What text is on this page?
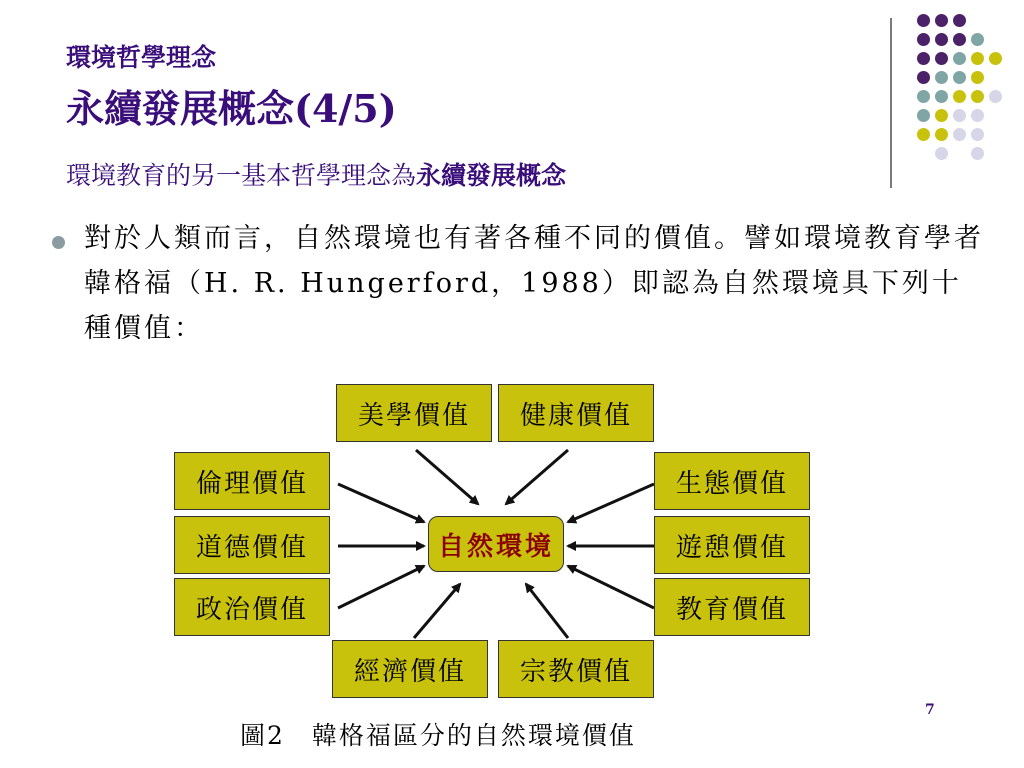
環境哲學理念
永續發展概念(4/5)
環境教育的另一基本哲學理念為永續發展概念
對於人類而言，自然環境也有著各種不同的價值。譬如環境教育學者韓格福（H. R. Hungerford，1988）即認為自然環境具下列十種價值：
美學價值	健康價值
倫理價值	生態價值
道德價值	遊憩價值
政治價值	教育價值
經濟價值	宗教價值
自然環境
圖2　韓格福區分的自然環境價值
7
